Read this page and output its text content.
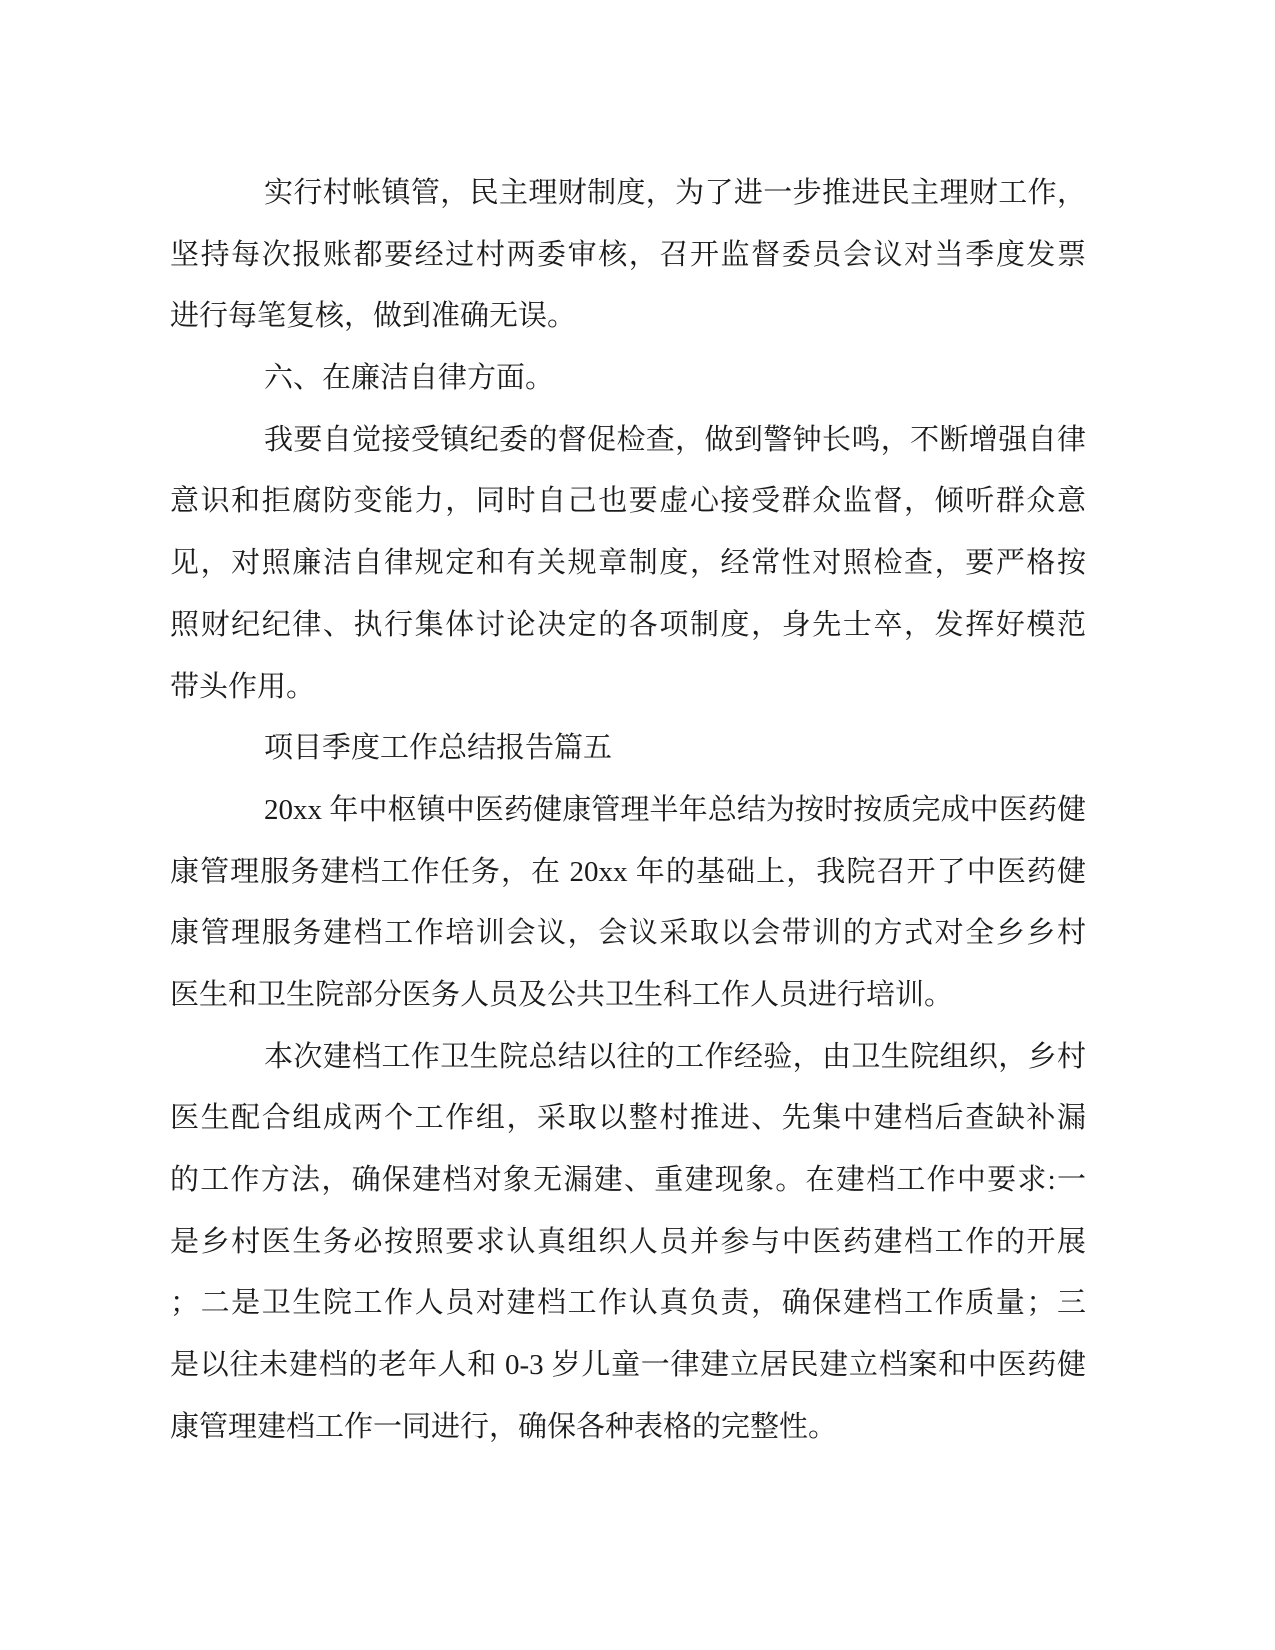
实行村帐镇管，民主理财制度，为了进一步推进民主理财工作，
坚持每次报账都要经过村两委审核，召开监督委员会议对当季度发票
进行每笔复核，做到准确无误。
六、在廉洁自律方面。
我要自觉接受镇纪委的督促检查，做到警钟长鸣，不断增强自律
意识和拒腐防变能力，同时自己也要虚心接受群众监督，倾听群众意
见，对照廉洁自律规定和有关规章制度，经常性对照检查，要严格按
照财纪纪律、执行集体讨论决定的各项制度，身先士卒，发挥好模范
带头作用。
项目季度工作总结报告篇五
20xx 年中枢镇中医药健康管理半年总结为按时按质完成中医药健
康管理服务建档工作任务，在 20xx 年的基础上，我院召开了中医药健
康管理服务建档工作培训会议，会议采取以会带训的方式对全乡乡村
医生和卫生院部分医务人员及公共卫生科工作人员进行培训。
本次建档工作卫生院总结以往的工作经验，由卫生院组织，乡村
医生配合组成两个工作组，采取以整村推进、先集中建档后查缺补漏
的工作方法，确保建档对象无漏建、重建现象。在建档工作中要求:一
是乡村医生务必按照要求认真组织人员并参与中医药建档工作的开展
；二是卫生院工作人员对建档工作认真负责，确保建档工作质量；三
是以往未建档的老年人和 0-3 岁儿童一律建立居民建立档案和中医药健
康管理建档工作一同进行，确保各种表格的完整性。
